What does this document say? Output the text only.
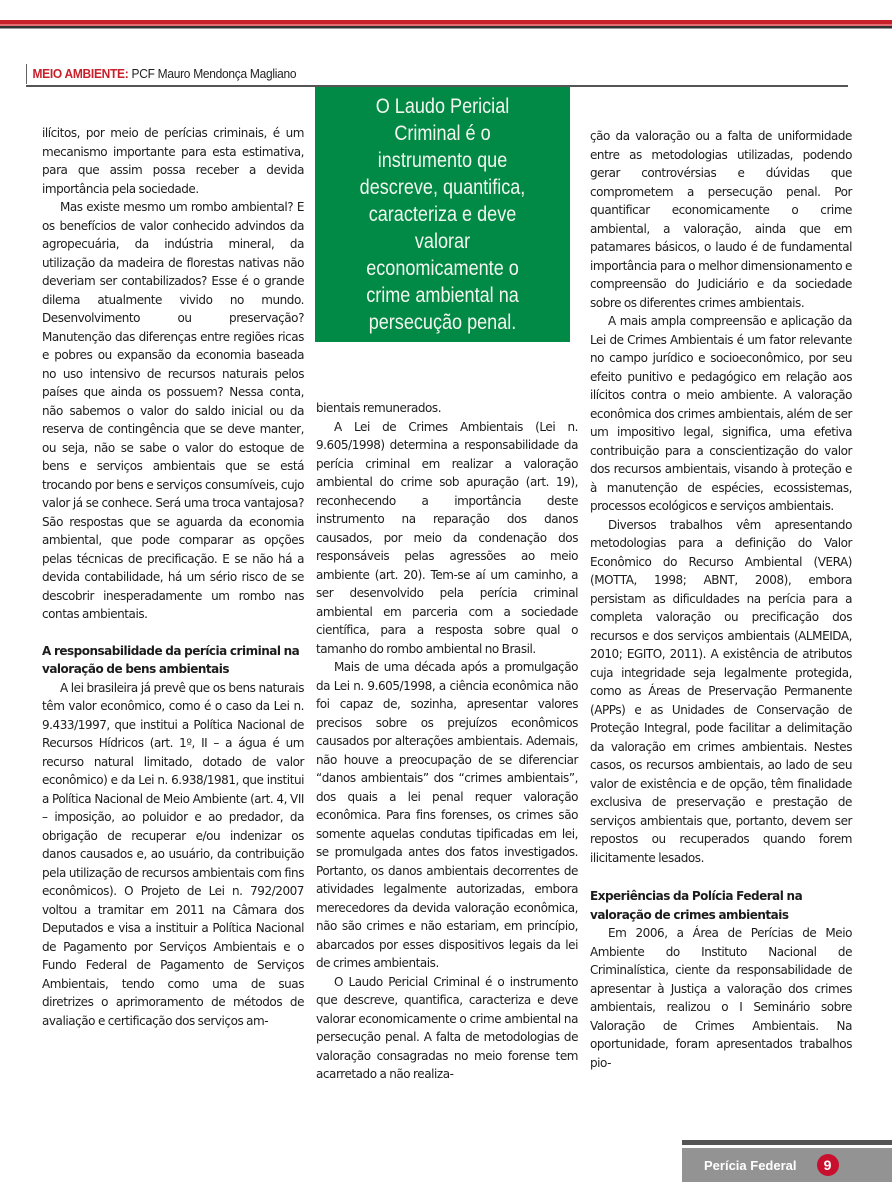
MEIO AMBIENTE: PCF Mauro Mendonça Magliano

O Laudo Pericial Criminal é o instrumento que descreve, quantifica, caracteriza e deve valorar economicamente o crime ambiental na persecução penal.

ilícitos, por meio de perícias criminais, é um mecanismo importante para esta estimativa, para que assim possa receber a devida importância pela sociedade.

Mas existe mesmo um rombo ambiental? E os benefícios de valor conhecido advindos da agropecuária, da indústria mineral, da utilização da madeira de florestas nativas não deveriam ser contabilizados? Esse é o grande dilema atualmente vivido no mundo. Desenvolvimento ou preservação? Manutenção das diferenças entre regiões ricas e pobres ou expansão da economia baseada no uso intensivo de recursos naturais pelos países que ainda os possuem? Nessa conta, não sabemos o valor do saldo inicial ou da reserva de contingência que se deve manter, ou seja, não se sabe o valor do estoque de bens e serviços ambientais que se está trocando por bens e serviços consumíveis, cujo valor já se conhece. Será uma troca vantajosa? São respostas que se aguarda da economia ambiental, que pode comparar as opções pelas técnicas de precificação. E se não há a devida contabilidade, há um sério risco de se descobrir inesperadamente um rombo nas contas ambientais.

A responsabilidade da perícia criminal na valoração de bens ambientais

A lei brasileira já prevê que os bens naturais têm valor econômico, como é o caso da Lei n. 9.433/1997, que institui a Política Nacional de Recursos Hídricos (art. 1º, II – a água é um recurso natural limitado, dotado de valor econômico) e da Lei n. 6.938/1981, que institui a Política Nacional de Meio Ambiente (art. 4, VII – imposição, ao poluidor e ao predador, da obrigação de recuperar e/ou indenizar os danos causados e, ao usuário, da contribuição pela utilização de recursos ambientais com fins econômicos). O Projeto de Lei n. 792/2007 voltou a tramitar em 2011 na Câmara dos Deputados e visa a instituir a Política Nacional de Pagamento por Serviços Ambientais e o Fundo Federal de Pagamento de Serviços Ambientais, tendo como uma de suas diretrizes o aprimoramento de métodos de avaliação e certificação dos serviços am-

bientais remunerados.

A Lei de Crimes Ambientais (Lei n. 9.605/1998) determina a responsabilidade da perícia criminal em realizar a valoração ambiental do crime sob apuração (art. 19), reconhecendo a importância deste instrumento na reparação dos danos causados, por meio da condenação dos responsáveis pelas agressões ao meio ambiente (art. 20). Tem-se aí um caminho, a ser desenvolvido pela perícia criminal ambiental em parceria com a sociedade científica, para a resposta sobre qual o tamanho do rombo ambiental no Brasil.

Mais de uma década após a promulgação da Lei n. 9.605/1998, a ciência econômica não foi capaz de, sozinha, apresentar valores precisos sobre os prejuízos econômicos causados por alterações ambientais. Ademais, não houve a preocupação de se diferenciar “danos ambientais” dos “crimes ambientais”, dos quais a lei penal requer valoração econômica. Para fins forenses, os crimes são somente aquelas condutas tipificadas em lei, se promulgada antes dos fatos investigados. Portanto, os danos ambientais decorrentes de atividades legalmente autorizadas, embora merecedores da devida valoração econômica, não são crimes e não estariam, em princípio, abarcados por esses dispositivos legais da lei de crimes ambientais.

O Laudo Pericial Criminal é o instrumento que descreve, quantifica, caracteriza e deve valorar economicamente o crime ambiental na persecução penal. A falta de metodologias de valoração consagradas no meio forense tem acarretado a não realiza-

ção da valoração ou a falta de uniformidade entre as metodologias utilizadas, podendo gerar controvérsias e dúvidas que comprometem a persecução penal. Por quantificar economicamente o crime ambiental, a valoração, ainda que em patamares básicos, o laudo é de fundamental importância para o melhor dimensionamento e compreensão do Judiciário e da sociedade sobre os diferentes crimes ambientais.

A mais ampla compreensão e aplicação da Lei de Crimes Ambientais é um fator relevante no campo jurídico e socioeconômico, por seu efeito punitivo e pedagógico em relação aos ilícitos contra o meio ambiente. A valoração econômica dos crimes ambientais, além de ser um impositivo legal, significa, uma efetiva contribuição para a conscientização do valor dos recursos ambientais, visando à proteção e à manutenção de espécies, ecossistemas, processos ecológicos e serviços ambientais.

Diversos trabalhos vêm apresentando metodologias para a definição do Valor Econômico do Recurso Ambiental (VERA) (MOTTA, 1998; ABNT, 2008), embora persistam as dificuldades na perícia para a completa valoração ou precificação dos recursos e dos serviços ambientais (ALMEIDA, 2010; EGITO, 2011). A existência de atributos cuja integridade seja legalmente protegida, como as Áreas de Preservação Permanente (APPs) e as Unidades de Conservação de Proteção Integral, pode facilitar a delimitação da valoração em crimes ambientais. Nestes casos, os recursos ambientais, ao lado de seu valor de existência e de opção, têm finalidade exclusiva de preservação e prestação de serviços ambientais que, portanto, devem ser repostos ou recuperados quando forem ilicitamente lesados.

Experiências da Polícia Federal na valoração de crimes ambientais

Em 2006, a Área de Perícias de Meio Ambiente do Instituto Nacional de Criminalística, ciente da responsabilidade de apresentar à Justiça a valoração dos crimes ambientais, realizou o I Seminário sobre Valoração de Crimes Ambientais. Na oportunidade, foram apresentados trabalhos pio-

Perícia Federal	9
